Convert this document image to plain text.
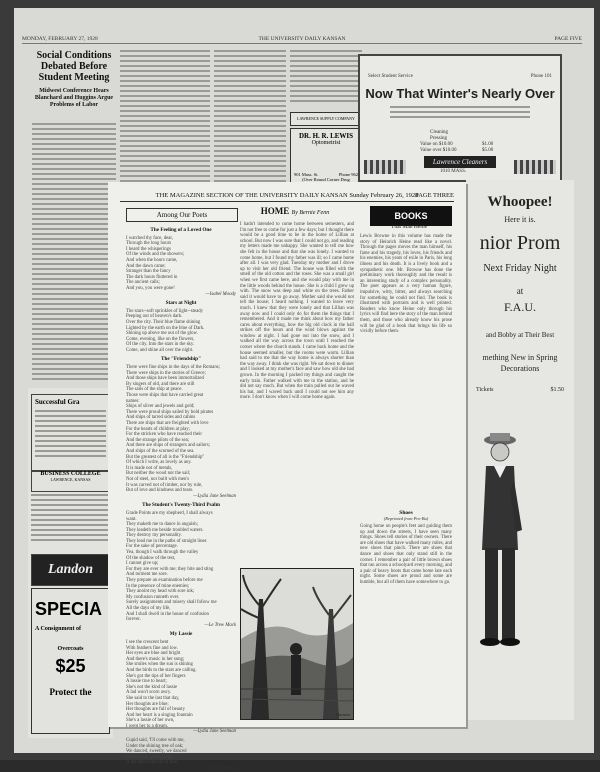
MONDAY, FEBRUARY 27, 1928	THE UNIVERSITY DAILY KANSAN	PAGE FIVE
Social Conditions Debated Before Student Meeting
Midwest Conference Hears Blanchard and Huggins Argue Problems of Labor
LAWRENCE SUPPLY COMPANY
DR. H. R. LEWIS
Optometrist
901 Mass. St.	Phone 962
(Over Round Corner Drug
Select Student Service	Phone 101
Now That Winter's Nearly Over
Cleaning
Pressing
Value on $10.00	$1.00
Value over $10.00	$5.00
Lawrence Cleaners
1010 MASS.
Whoopee!
Here it is.
nior Prom
Next Friday Night
at
F.A.U.
and Bobby at Their Best
mething New in Spring
Decorations
Tickets	$1.50
Successful Gra
BUSINESS COLLEGE
LAWRENCE, KANSAS
Landon
SPECIA
A Consignment of
Overcoats
$25
Protect the
THE MAGAZINE SECTION OF THE UNIVERSITY DAILY KANSAN Sunday February 26, 1928
PAGE THREE

Among Our Poets
The Feeling of a Loved One
I watched thy face, dear,
Through the long hours
I heard the whisperings
Of the winds and the showers;
And when the hours came,
And the dawn came;
Stranger than the fancy
The dark hours fluttered in
The ancient calls;
And you, you were gone!
—Isabel Moody
Stars at Night
The stars--soft sprinkles of light--steady
Peeping out of heaven's dark.
Over the city. Their blue flame shining
Lighted by the earth on the blue of Dark.
Shining up above me out of the glow.
Come, evening, like on the flowers,
Of the city. Into the stars in the sky.
Come, and shine all over the night.
The "Friendship"
There were fine ships in the days of the Romans;
There were ships in the stories of Greece;
And those ships have been immortalized
By singers of old, and there are still
The sails of the ship at peace.
Those were ships that have carried great
names:
Ships of silver and jewels and gold;
There were proud ships sailed by bold pirates
And ships of tarred sides and cabins
There are ships that are freighted with love
For the hearts of children at play;
For the stricken who have reached their
And the strange pilots of the sea;
And there are ships of strangers and sailors;
And ships of the scorned of the sea.
But the greatest of all is the "Friendship"
Of which I write, as lovely as any.
It is made not of metals,
But neither the wood nor the sail;
Not of steel, nor built with men's
It was carved not of timber, nor by rule,
But of love and kindness and tears.
—Lydia Jane Seelman
The Student's Twenty-Third Psalm
Grade Points are my shepherd, I shall always
want.
They maketh me to dance in anguish;
They leadeth me beside troubled waters.
They destroy my personality.
They lead me in the paths of straight lines
For the sake of percentage.
Yea, though I walk through the valley
Of the shadow of the test,
I cannot give up;
For they are ever with me; they bite and sting
And torment me sore.
They prepare an examination before me
In the presence of mine enemies;
They anoint my head with sore ink;
My confusion runneth over.
Surely assignments and misery shall follow me
All the days of my life,
And I shall dwell in the house of confusion
forever.
—Le Trew Mack
My Lassie
I see the crescent bent
With feathers fine and low.
Her eyes are blue and bright
And there's music in her song;
She smiles when the sun is shining
And the birds to the stars are calling.
She's got the tips of her fingers
A lassie true to heart;
She's not the kind of lassie
A lad won't scorn awry.
She said to the last that day,
Her thoughts are blue;
Her thoughts are full of beauty
And her heart is a singing fountain
She's a lassie of her own,
I went her to a dream.
—Lydia Jane Seelman
Cupid said, 'I'll come with me,
Under the shining tree of oak;
We danced, sweetly, we danced
Fast by the laurel bough,
Is the dance the fall of the?
—The Kouchak
HOME By Bernie Fenn
I hadn't intended to come home between semesters, and I'm not free to come for just a few days; but I thought there would be a good time to be in the home of Lillian at school. But now I was sure that I could not go, and reading my letters made me unhappy. She wanted to tell me how she felt in the house and that she was lonely. I wanted to come home, but I found my father was ill; so I came home after all. I was very glad. Tuesday my mother and I drove up to visit her old friend. The house was filled with the smell of the old cotton and the roses. She was a small girl when we first came here, and she would play with me in the little woods behind the house. She is a child I grew up with. The snow was deep and white on the trees. Father said it would have to go away. Mother said she would not tell the house; I heard nothing. I wanted to leave very much. I knew that they were lonely and that Lillian was away now and I could only do for them the things that I remembered. And it made me think about how my father cares about everything, how the big old clock in the hall strikes off the hours and the wind blows against the window at night. I had gone out into the snow, and I walked all the way across the town until I reached the corner where the church stands. I came back home and the house seemed smaller, but the rooms were warm. Lillian had said to me that the way home is always shorter than the way away. I think she was right. We sat down to dinner and I looked at my mother's face and saw how old she had grown. In the morning I packed my things and caught the early train. Father walked with me to the station, and he did not say much. But when the train pulled out he waved his hat, and I waved back until I could not see him any more. I don't know when I will come home again.
Quenton
BOOKS
That Man Heine
Lewis Browne in this volume has made the story of Heinrich Heine read like a novel. Through the pages moves the man himself, his fame and his tragedy, his loves, his friends and his enemies, his years of exile in Paris, his long illness and his death. It is a lively book and a sympathetic one. Mr. Browne has done the preliminary work thoroughly and the result is an interesting study of a complex personality. The poet appears as a very human figure, impulsive, witty, bitter, and always searching for something he could not find. The book is illustrated with portraits and is well printed. Readers who know Heine only through his lyrics will find here the story of the man behind them, and those who already know his prose will be glad of a book that brings his life so vividly before them.
Shoes
(Reprinted from Pro-Bu)
Going home on people's feet and guiding them up and down the streets, I have seen many things. Shoes tell stories of their owners. There are old shoes that have walked many miles, and new shoes that pinch. There are shoes that dance and shoes that only stand still in the corner. I remember a pair of little brown shoes that ran across a schoolyard every morning, and a pair of heavy boots that came home late each night. Some shoes are proud and some are humble, but all of them have somewhere to go.
